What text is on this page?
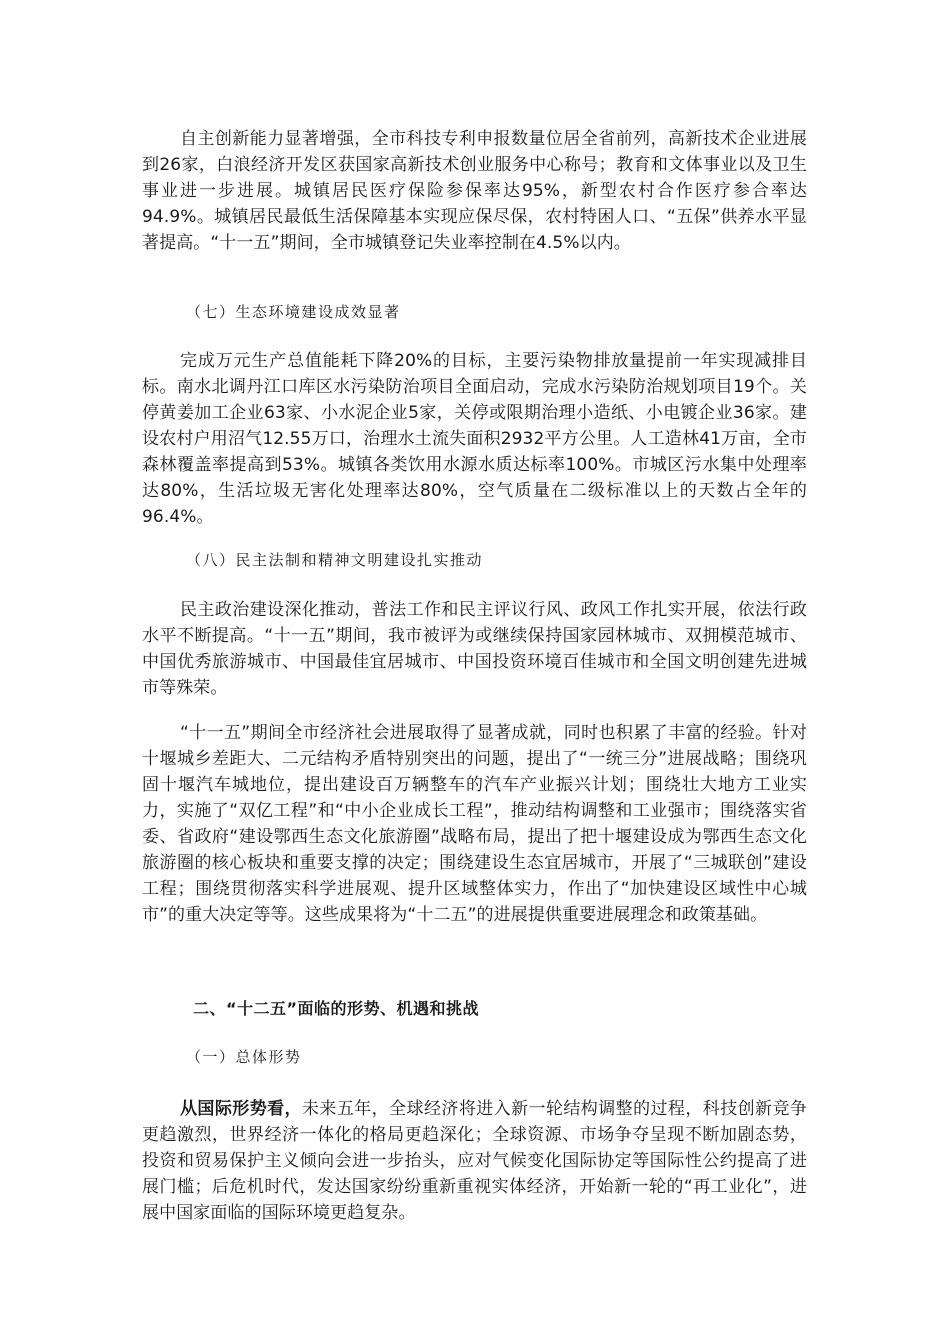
自主创新能力显著增强，全市科技专利申报数量位居全省前列，高新技术企业进展到26家，白浪经济开发区获国家高新技术创业服务中心称号；教育和文体事业以及卫生事业进一步进展。城镇居民医疗保险参保率达95%，新型农村合作医疗参合率达94.9%。城镇居民最低生活保障基本实现应保尽保，农村特困人口、“五保”供养水平显著提高。“十一五”期间，全市城镇登记失业率控制在4.5%以内。

（七）生态环境建设成效显著

完成万元生产总值能耗下降20%的目标，主要污染物排放量提前一年实现减排目标。南水北调丹江口库区水污染防治项目全面启动，完成水污染防治规划项目19个。关停黄姜加工企业63家、小水泥企业5家，关停或限期治理小造纸、小电镀企业36家。建设农村户用沼气12.55万口，治理水土流失面积2932平方公里。人工造林41万亩，全市森林覆盖率提高到53%。城镇各类饮用水源水质达标率100%。市城区污水集中处理率达80%，生活垃圾无害化处理率达80%，空气质量在二级标准以上的天数占全年的96.4%。

（八）民主法制和精神文明建设扎实推动

民主政治建设深化推动，普法工作和民主评议行风、政风工作扎实开展，依法行政水平不断提高。“十一五”期间，我市被评为或继续保持国家园林城市、双拥模范城市、中国优秀旅游城市、中国最佳宜居城市、中国投资环境百佳城市和全国文明创建先进城市等殊荣。

“十一五”期间全市经济社会进展取得了显著成就，同时也积累了丰富的经验。针对十堰城乡差距大、二元结构矛盾特别突出的问题，提出了“一统三分”进展战略；围绕巩固十堰汽车城地位，提出建设百万辆整车的汽车产业振兴计划；围绕壮大地方工业实力，实施了“双亿工程”和“中小企业成长工程”，推动结构调整和工业强市；围绕落实省委、省政府“建设鄂西生态文化旅游圈”战略布局，提出了把十堰建设成为鄂西生态文化旅游圈的核心板块和重要支撑的决定；围绕建设生态宜居城市，开展了“三城联创”建设工程；围绕贯彻落实科学进展观、提升区域整体实力，作出了“加快建设区域性中心城市”的重大决定等等。这些成果将为“十二五”的进展提供重要进展理念和政策基础。

二、“十二五”面临的形势、机遇和挑战

（一）总体形势

从国际形势看，未来五年，全球经济将进入新一轮结构调整的过程，科技创新竞争更趋激烈，世界经济一体化的格局更趋深化；全球资源、市场争夺呈现不断加剧态势，投资和贸易保护主义倾向会进一步抬头，应对气候变化国际协定等国际性公约提高了进展门槛；后危机时代，发达国家纷纷重新重视实体经济，开始新一轮的“再工业化”，进展中国家面临的国际环境更趋复杂。
